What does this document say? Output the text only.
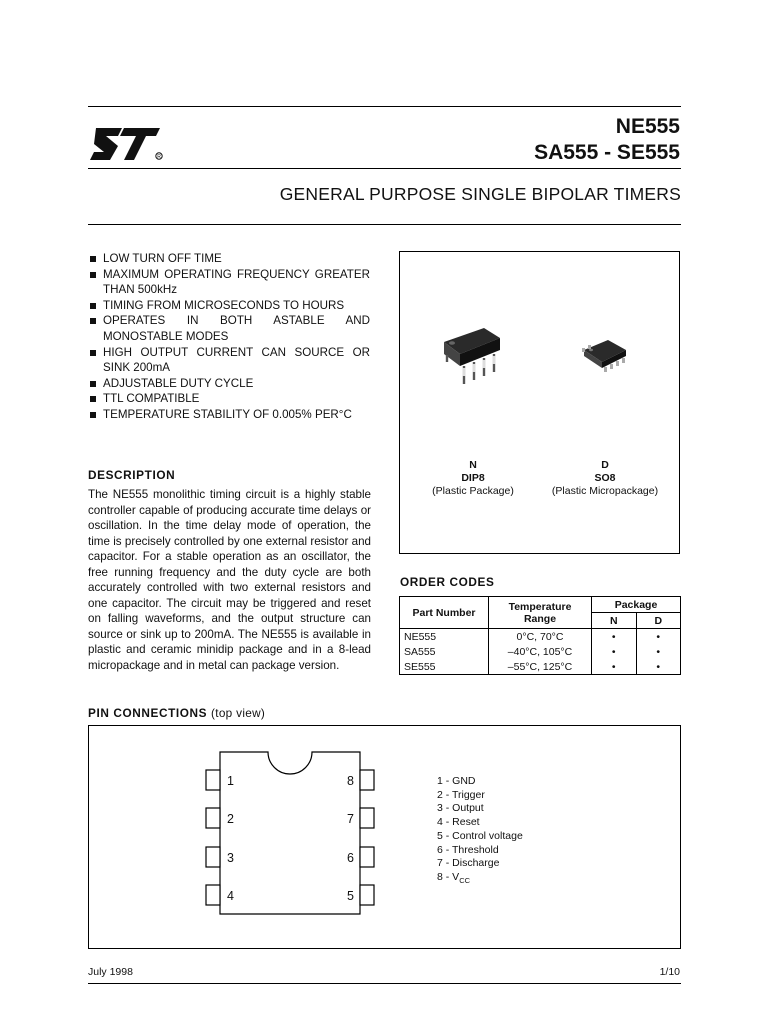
R
NE555
SA555 - SE555
GENERAL PURPOSE SINGLE BIPOLAR TIMERS
LOW TURN OFF TIME
MAXIMUM OPERATING FREQUENCY GREATER THAN 500kHz
TIMING FROM MICROSECONDS TO HOURS
OPERATES IN BOTH ASTABLE AND MONOSTABLE MODES
HIGH OUTPUT CURRENT CAN SOURCE OR SINK 200mA
ADJUSTABLE DUTY CYCLE
TTL COMPATIBLE
TEMPERATURE STABILITY OF 0.005% PER°C
DESCRIPTION

The NE555 monolithic timing circuit is a highly stable controller capable of producing accurate time delays or oscillation. In the time delay mode of operation, the time is precisely controlled by one external resistor and capacitor. For a stable operation as an oscillator, the free running frequency and the duty cycle are both accurately controlled with two external resistors and one capacitor. The circuit may be triggered and reset on falling waveforms, and the output structure can source or sink up to 200mA. The NE555 is available in plastic and ceramic minidip package and in a 8-lead micropackage and in metal can package version.

N
DIP8
(Plastic Package)
D
SO8
(Plastic Micropackage)
ORDER CODES
Part Number	Temperature Range	Package	
		N	D
NE555	0°C, 70°C	•	•
SA555	–40°C, 105°C	•	•
SE555	–55°C, 125°C	•	•
PIN CONNECTIONS (top view)
1
2
3
4
8
7
6
5
1 - GND
2 - Trigger
3 - Output
4 - Reset
5 - Control voltage
6 - Threshold
7 - Discharge
$8 - V_{CC}$
July 1998	1/10
